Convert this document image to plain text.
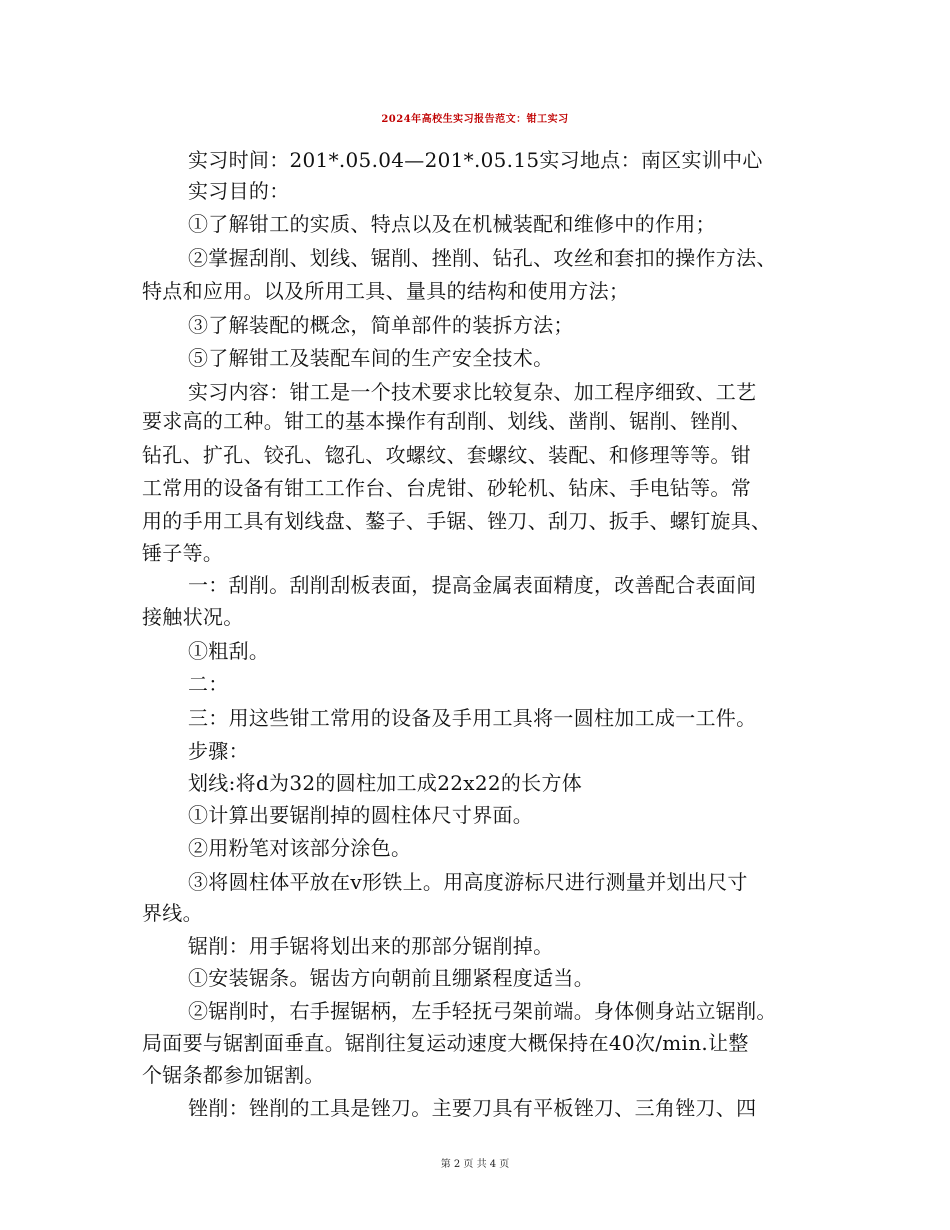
2024年高校生实习报告范文：钳工实习
实习时间：201*.05.04—201*.05.15实习地点：南区实训中心
实习目的：
①了解钳工的实质、特点以及在机械装配和维修中的作用；
②掌握刮削、划线、锯削、挫削、钻孔、攻丝和套扣的操作方法、
特点和应用。以及所用工具、量具的结构和使用方法；
③了解装配的概念，简单部件的装拆方法；
⑤了解钳工及装配车间的生产安全技术。
实习内容：钳工是一个技术要求比较复杂、加工程序细致、工艺
要求高的工种。钳工的基本操作有刮削、划线、凿削、锯削、锉削、
钻孔、扩孔、铰孔、锪孔、攻螺纹、套螺纹、装配、和修理等等。钳
工常用的设备有钳工工作台、台虎钳、砂轮机、钻床、手电钻等。常
用的手用工具有划线盘、鏊子、手锯、锉刀、刮刀、扳手、螺钉旋具、
锤子等。
一：刮削。刮削刮板表面，提高金属表面精度，改善配合表面间
接触状况。
①粗刮。
二：
三：用这些钳工常用的设备及手用工具将一圆柱加工成一工件。
步骤：
划线:将d为32的圆柱加工成22x22的长方体
①计算出要锯削掉的圆柱体尺寸界面。
②用粉笔对该部分涂色。
③将圆柱体平放在v形铁上。用高度游标尺进行测量并划出尺寸
界线。
锯削：用手锯将划出来的那部分锯削掉。
①安装锯条。锯齿方向朝前且绷紧程度适当。
②锯削时，右手握锯柄，左手轻抚弓架前端。身体侧身站立锯削。
局面要与锯割面垂直。锯削往复运动速度大概保持在40次/min.让整
个锯条都参加锯割。
锉削：锉削的工具是锉刀。主要刀具有平板锉刀、三角锉刀、四
第 2 页 共 4 页
